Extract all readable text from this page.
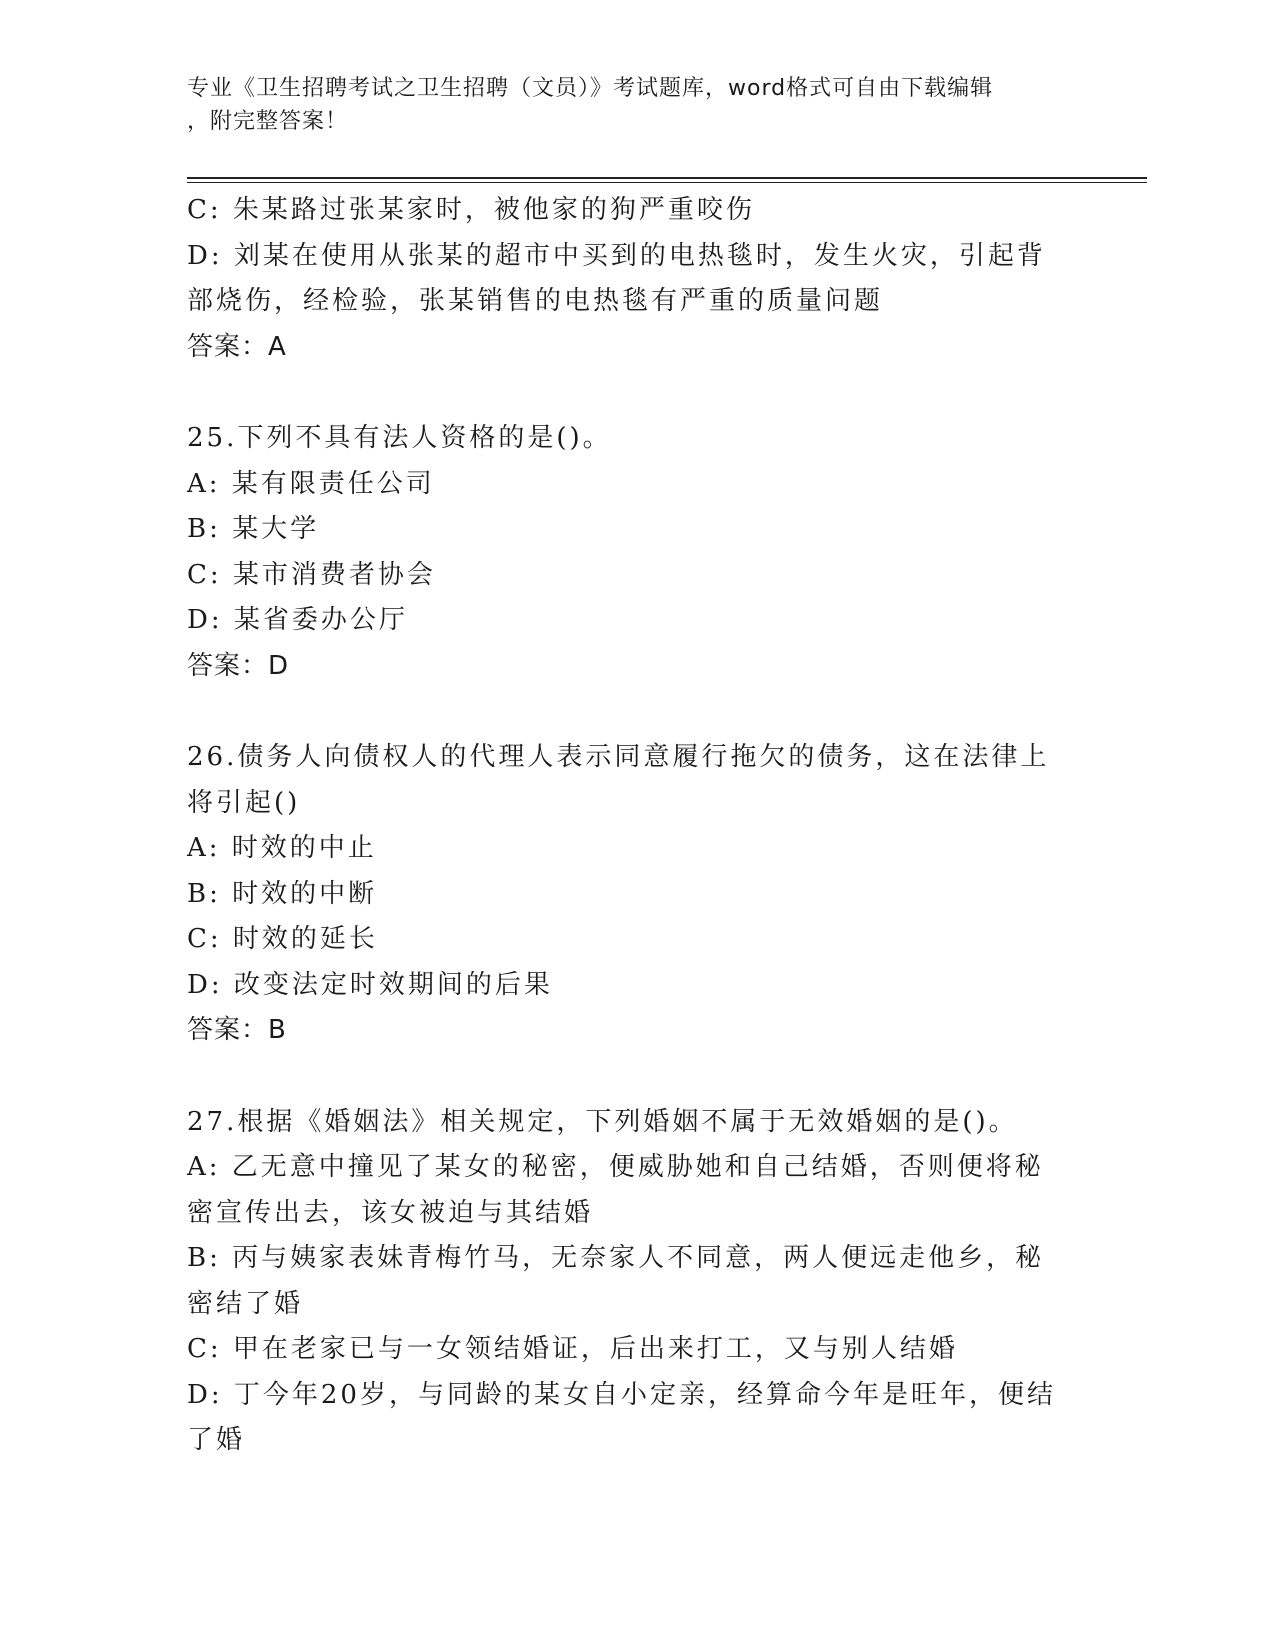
专业《卫生招聘考试之卫生招聘（文员）》考试题库，word格式可自由下载编辑
，附完整答案！
C: 朱某路过张某家时，被他家的狗严重咬伤
D: 刘某在使用从张某的超市中买到的电热毯时，发生火灾，引起背部烧伤，经检验，张某销售的电热毯有严重的质量问题
答案：A
25.下列不具有法人资格的是()。
A: 某有限责任公司
B: 某大学
C: 某市消费者协会
D: 某省委办公厅
答案：D
26.债务人向债权人的代理人表示同意履行拖欠的债务，这在法律上将引起()
A: 时效的中止
B: 时效的中断
C: 时效的延长
D: 改变法定时效期间的后果
答案：B
27.根据《婚姻法》相关规定，下列婚姻不属于无效婚姻的是()。
A: 乙无意中撞见了某女的秘密，便威胁她和自己结婚，否则便将秘密宣传出去，该女被迫与其结婚
B: 丙与姨家表妹青梅竹马，无奈家人不同意，两人便远走他乡，秘密结了婚
C: 甲在老家已与一女领结婚证，后出来打工，又与别人结婚
D: 丁今年20岁，与同龄的某女自小定亲，经算命今年是旺年，便结了婚
